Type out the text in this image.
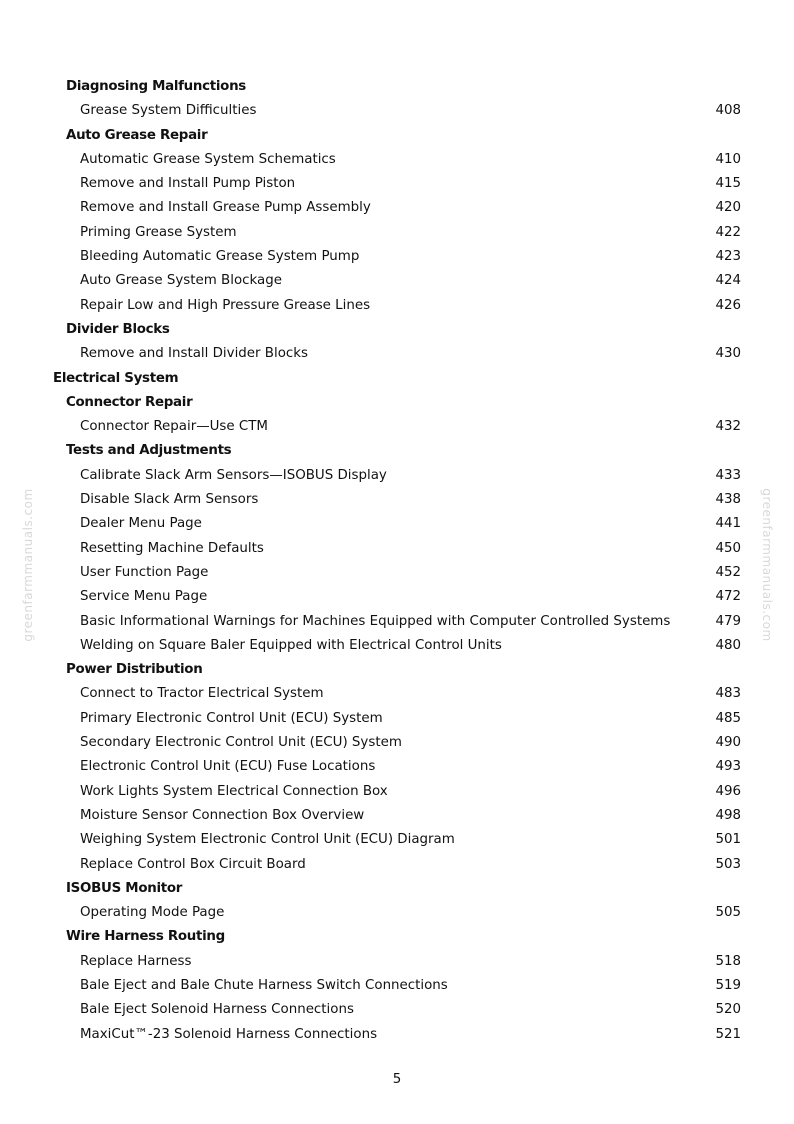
greenfarmmanuals.com	greenfarmmanuals.com
Diagnosing Malfunctions
Grease System Difficulties	408
Auto Grease Repair
Automatic Grease System Schematics	410
Remove and Install Pump Piston	415
Remove and Install Grease Pump Assembly	420
Priming Grease System	422
Bleeding Automatic Grease System Pump	423
Auto Grease System Blockage	424
Repair Low and High Pressure Grease Lines	426
Divider Blocks
Remove and Install Divider Blocks	430
Electrical System
Connector Repair
Connector Repair—Use CTM	432
Tests and Adjustments
Calibrate Slack Arm Sensors—ISOBUS Display	433
Disable Slack Arm Sensors	438
Dealer Menu Page	441
Resetting Machine Defaults	450
User Function Page	452
Service Menu Page	472
Basic Informational Warnings for Machines Equipped with Computer Controlled Systems	479
Welding on Square Baler Equipped with Electrical Control Units	480
Power Distribution
Connect to Tractor Electrical System	483
Primary Electronic Control Unit (ECU) System	485
Secondary Electronic Control Unit (ECU) System	490
Electronic Control Unit (ECU) Fuse Locations	493
Work Lights System Electrical Connection Box	496
Moisture Sensor Connection Box Overview	498
Weighing System Electronic Control Unit (ECU) Diagram	501
Replace Control Box Circuit Board	503
ISOBUS Monitor
Operating Mode Page	505
Wire Harness Routing
Replace Harness	518
Bale Eject and Bale Chute Harness Switch Connections	519
Bale Eject Solenoid Harness Connections	520
MaxiCut™-23 Solenoid Harness Connections	521
5
